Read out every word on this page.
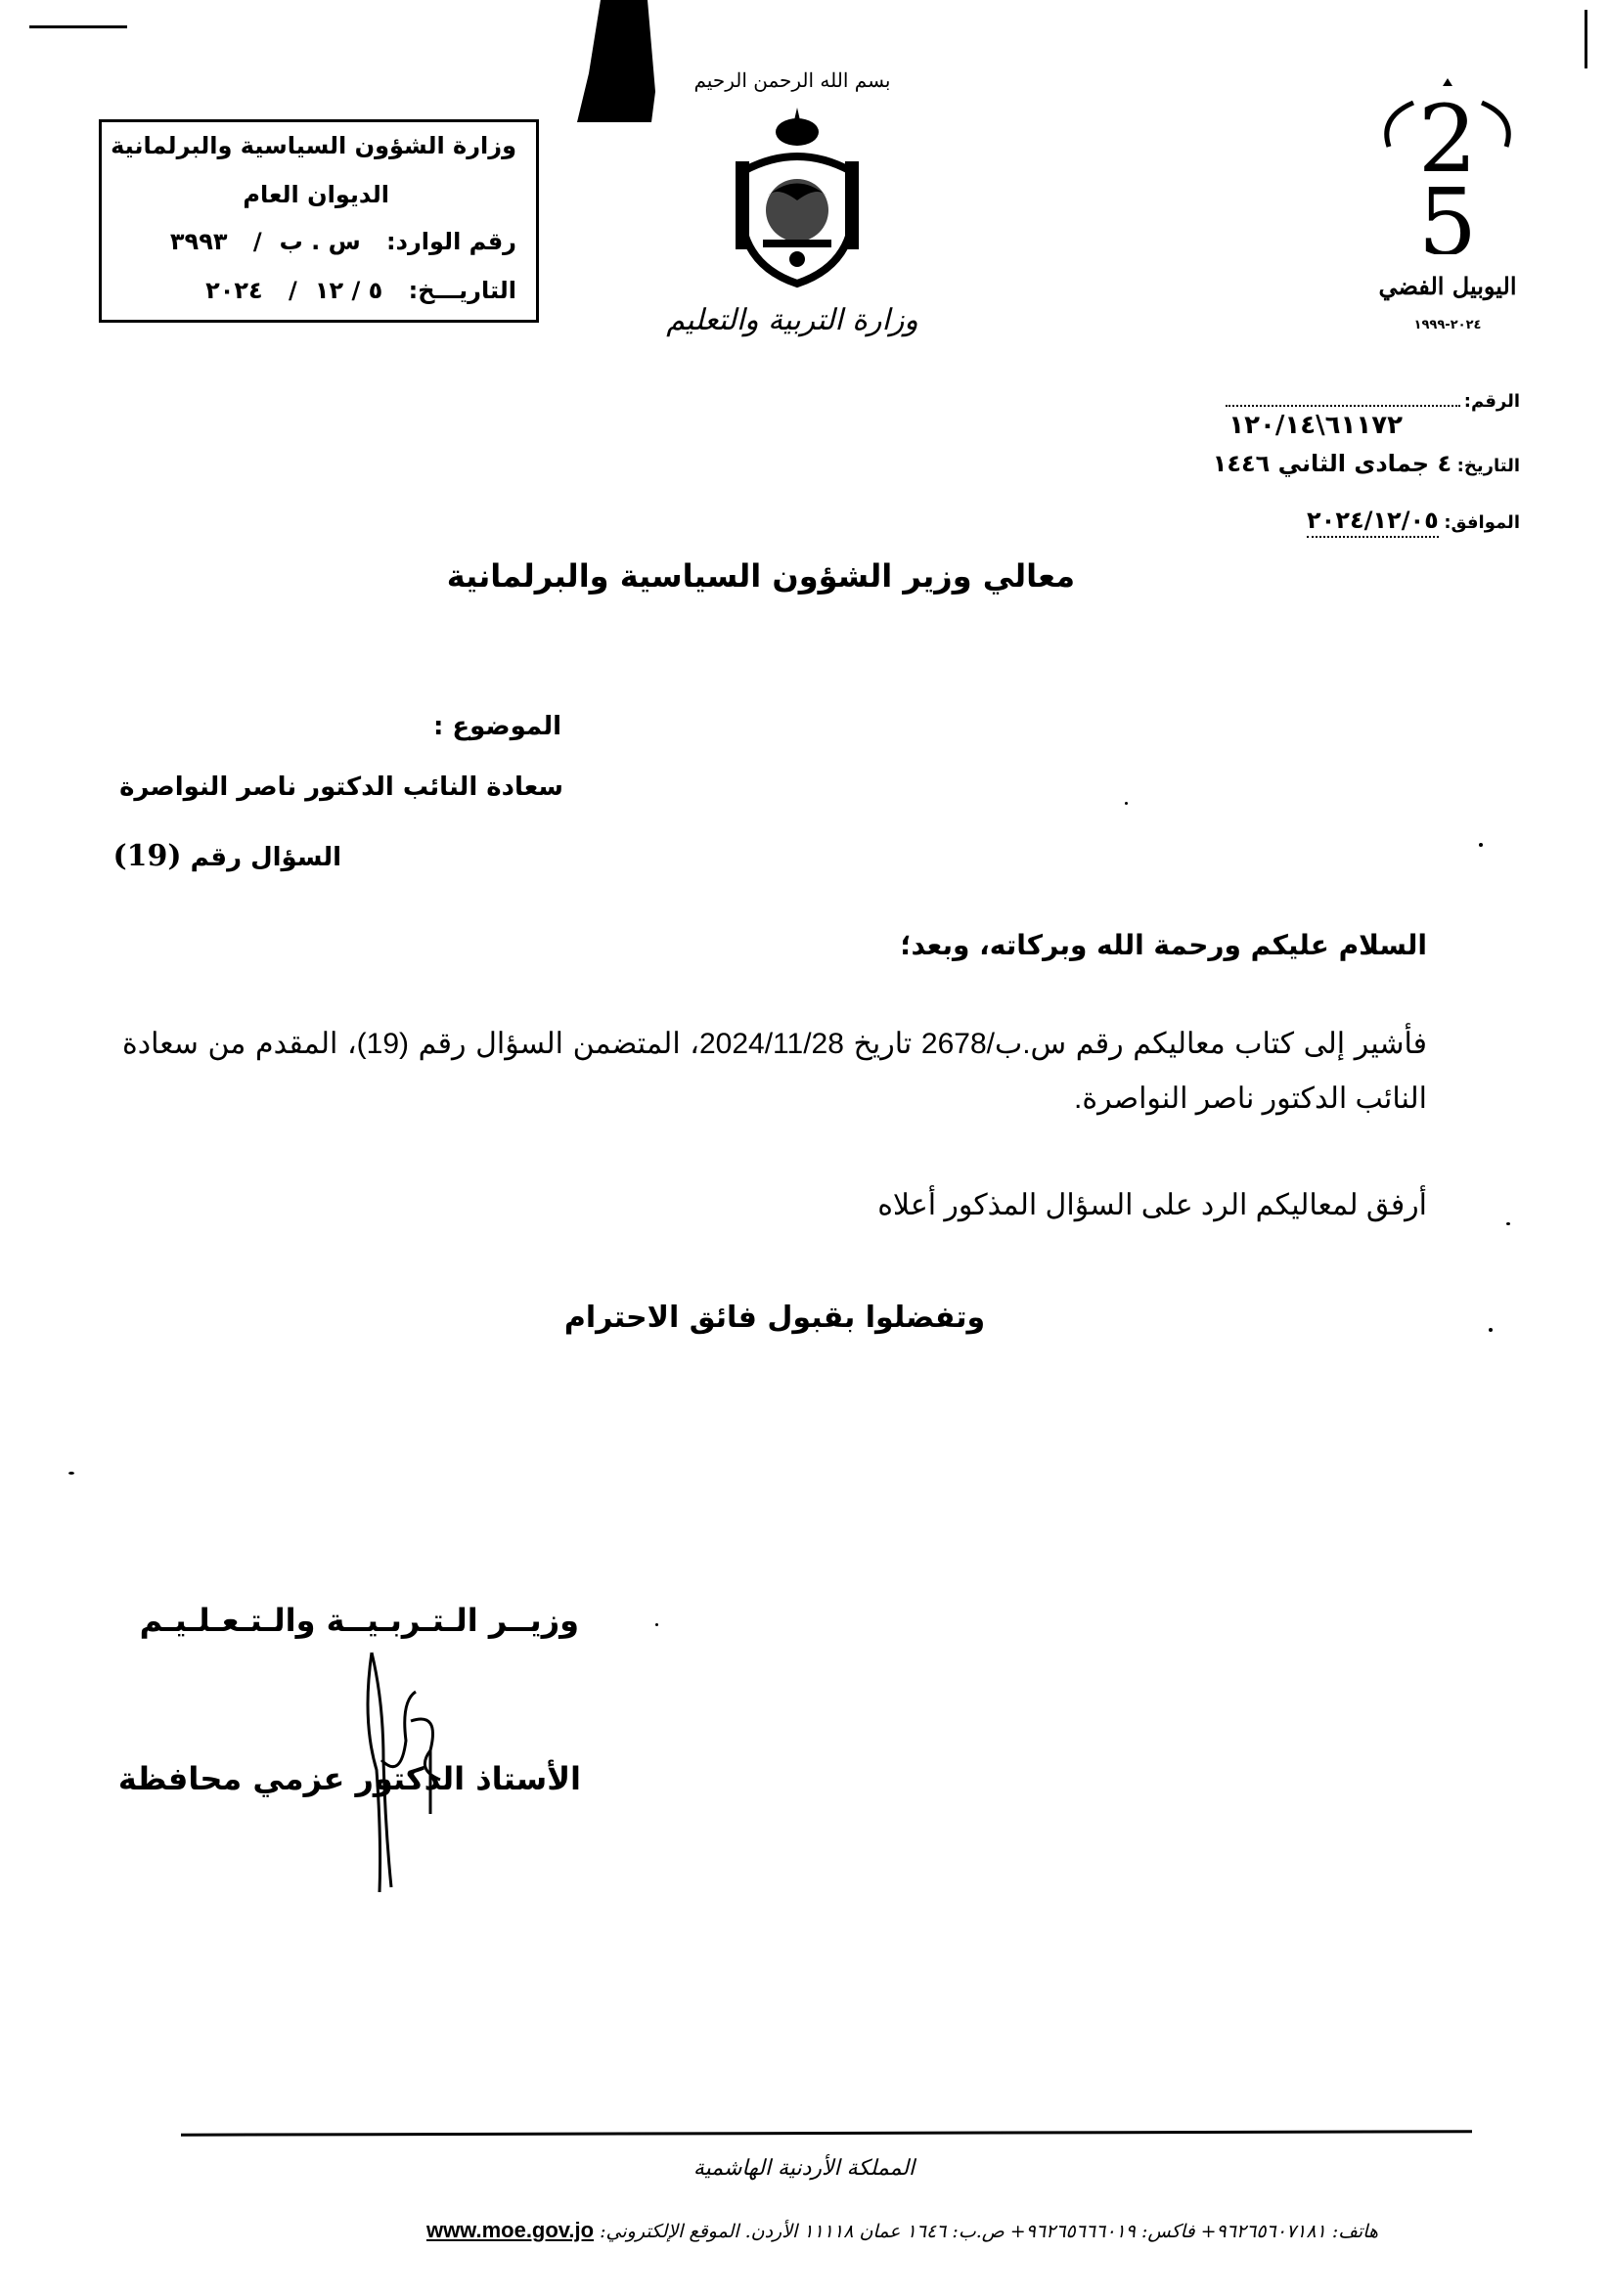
وزارة الشؤون السياسية والبرلمانية
الديوان العام
رقم الوارد: س . ب/ ٣٩٩٣
التاريـــخ: ٥ / ١٢/ ٢٠٢٤
بسم الله الرحمن الرحيم
وزارة التربية والتعليم
2
5
اليوبيل الفضي
٢٠٢٤-١٩٩٩
الرقم:
٦١١٧٢\١٢٠/١٤
التاريخ: ٤ جمادى الثاني ١٤٤٦
الموافق: ٢٠٢٤/١٢/٠٥
معالي وزير الشؤون السياسية والبرلمانية
الموضوع :
سعادة النائب الدكتور ناصر النواصرة
السؤال رقم (19)
السلام عليكم ورحمة الله وبركاته، وبعد؛
فأشير إلى كتاب معاليكم رقم س.ب/2678 تاريخ 2024/11/28، المتضمن السؤال رقم (19)، المقدم من سعادة النائب الدكتور ناصر النواصرة.
أرفق لمعاليكم الرد على السؤال المذكور أعلاه
وتفضلوا بقبول فائق الاحترام
وزيــر الـتـربـيــة والـتـعـلـيـم
الأستاذ الدكتور عزمي محافظة
المملكة الأردنية الهاشمية
هاتف: ٩٦٢٦٥٦٠٧١٨١+ فاكس: ٩٦٢٦٥٦٦٦٠١٩+ ص.ب: ١٦٤٦ عمان ١١١١٨ الأردن. الموقع الإلكتروني: www.moe.gov.jo
